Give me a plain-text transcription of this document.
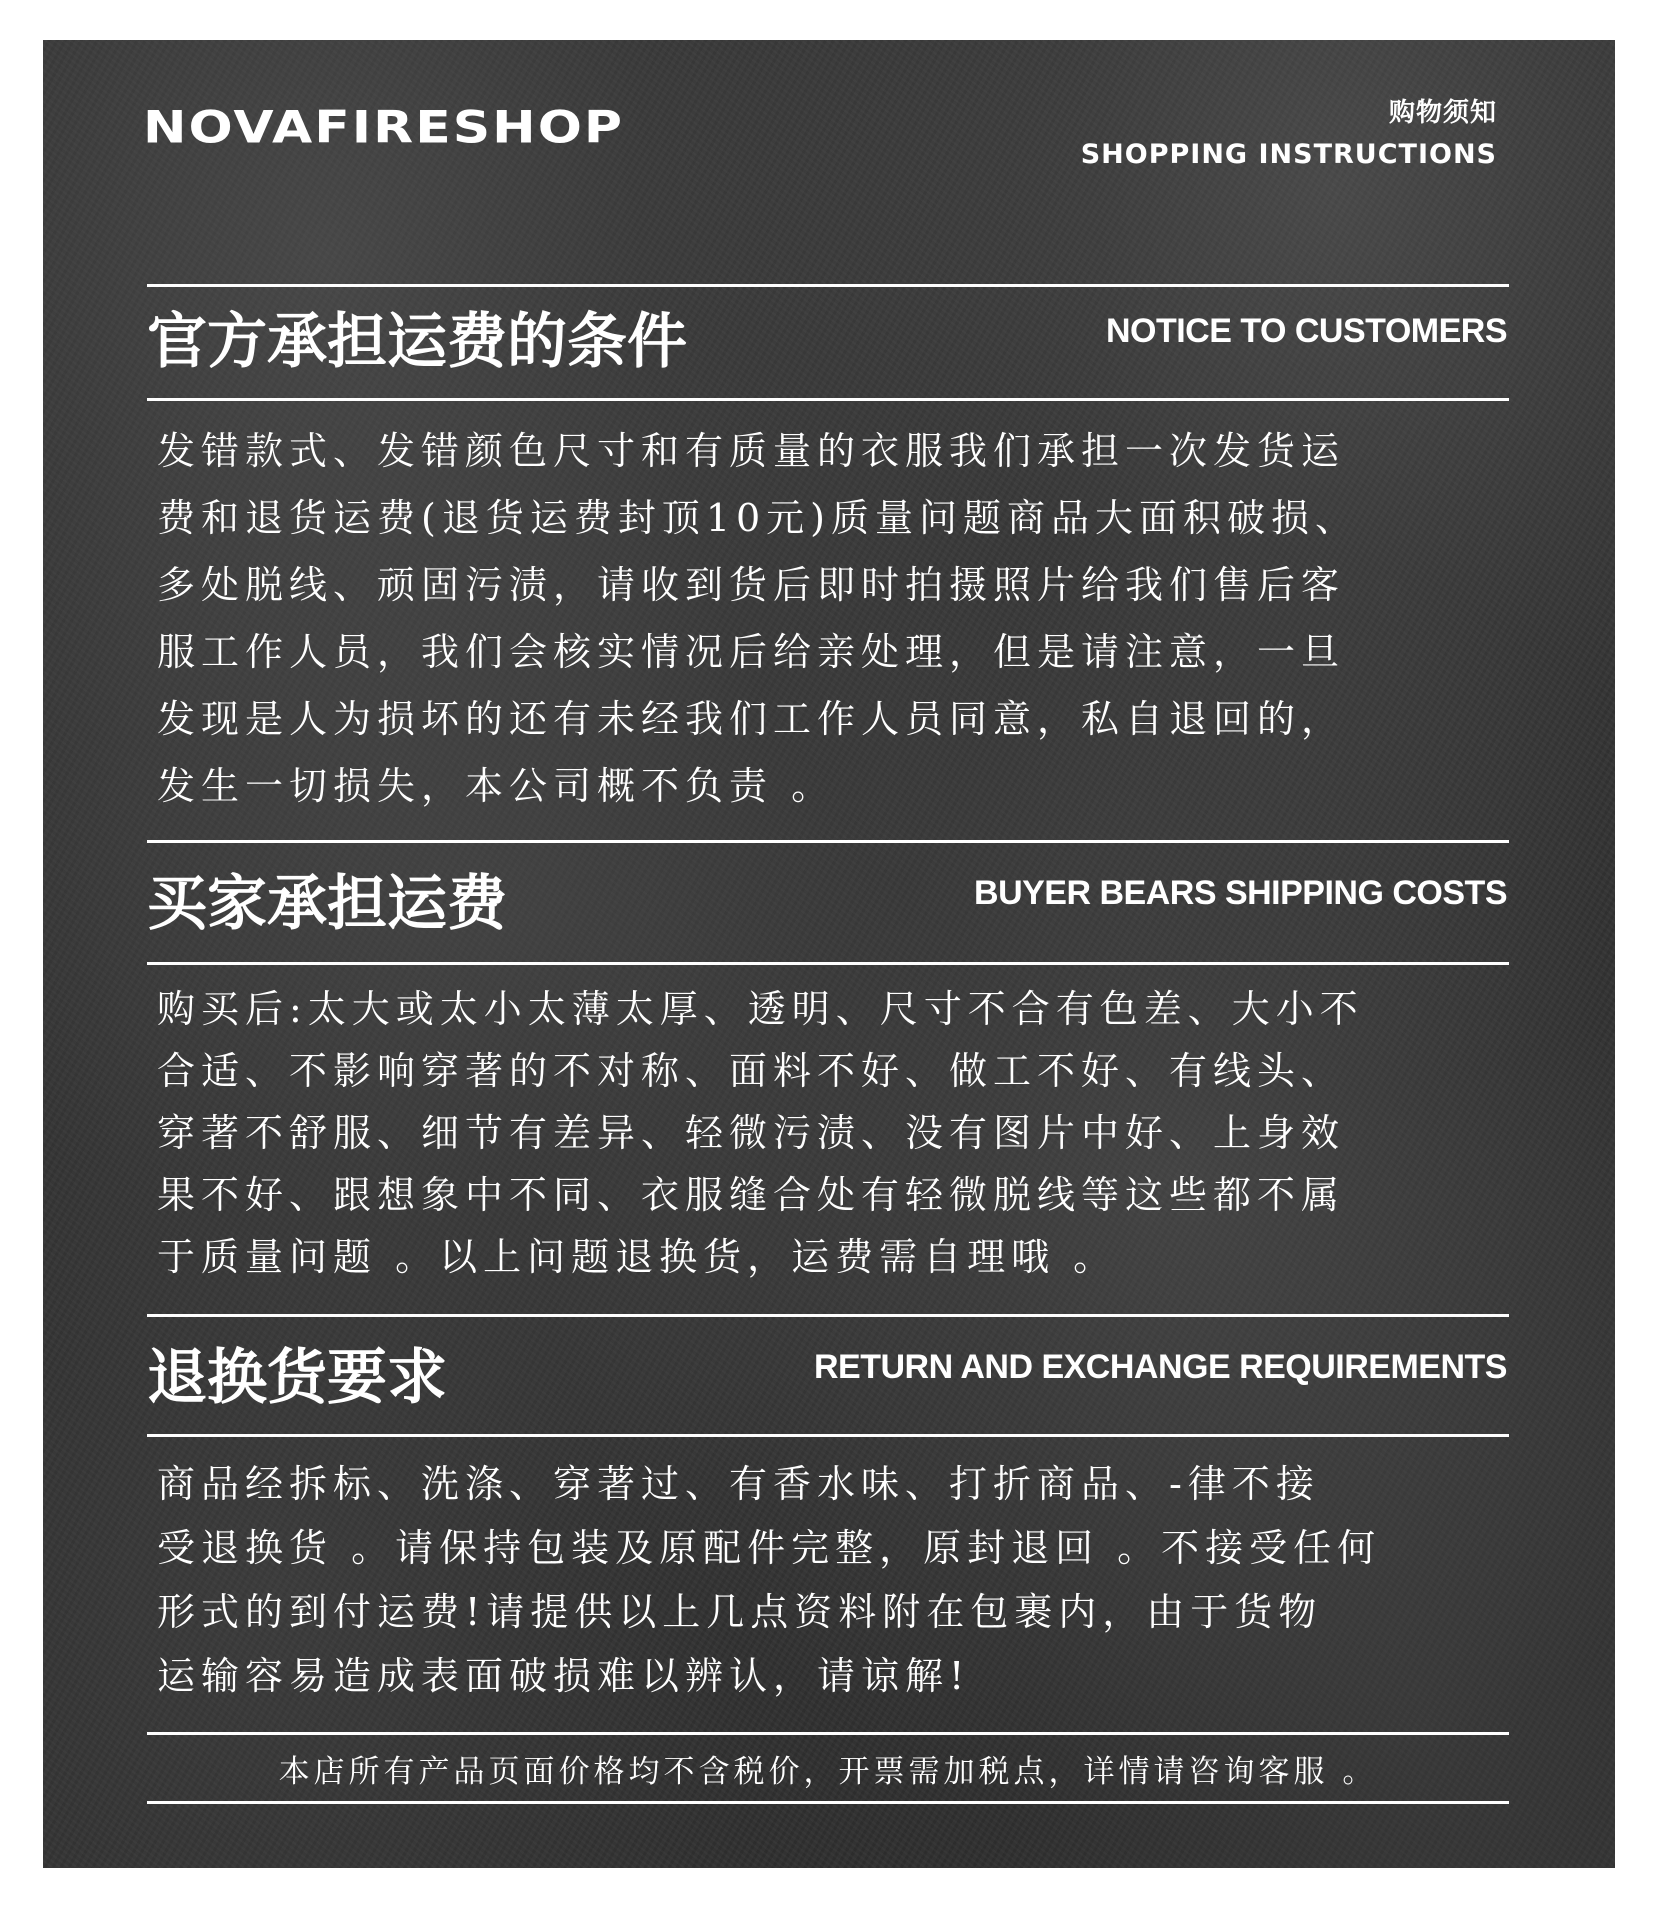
NOVAFIRESHOP	购物须知
SHOPPING INSTRUCTIONS
官方承担运费的条件	NOTICE TO CUSTOMERS
发错款式、发错颜色尺寸和有质量的衣服我们承担一次发货运
费和退货运费(退货运费封顶10元)质量问题商品大面积破损、
多处脱线、顽固污渍，请收到货后即时拍摄照片给我们售后客
服工作人员，我们会核实情况后给亲处理，但是请注意，一旦
发现是人为损坏的还有未经我们工作人员同意，私自退回的，
发生一切损失，本公司概不负责 。
买家承担运费	BUYER BEARS SHIPPING COSTS
购买后:太大或太小太薄太厚、透明、尺寸不合有色差、大小不
合适、不影响穿著的不对称、面料不好、做工不好、有线头、
穿著不舒服、细节有差异、轻微污渍、没有图片中好、上身效
果不好、跟想象中不同、衣服缝合处有轻微脱线等这些都不属
于质量问题 。以上问题退换货，运费需自理哦 。
退换货要求	RETURN AND EXCHANGE REQUIREMENTS
商品经拆标、洗涤、穿著过、有香水味、打折商品、-律不接
受退换货 。请保持包装及原配件完整，原封退回 。不接受任何
形式的到付运费!请提供以上几点资料附在包裹内，由于货物
运输容易造成表面破损难以辨认，请谅解!
本店所有产品页面价格均不含税价，开票需加税点，详情请咨询客服 。
